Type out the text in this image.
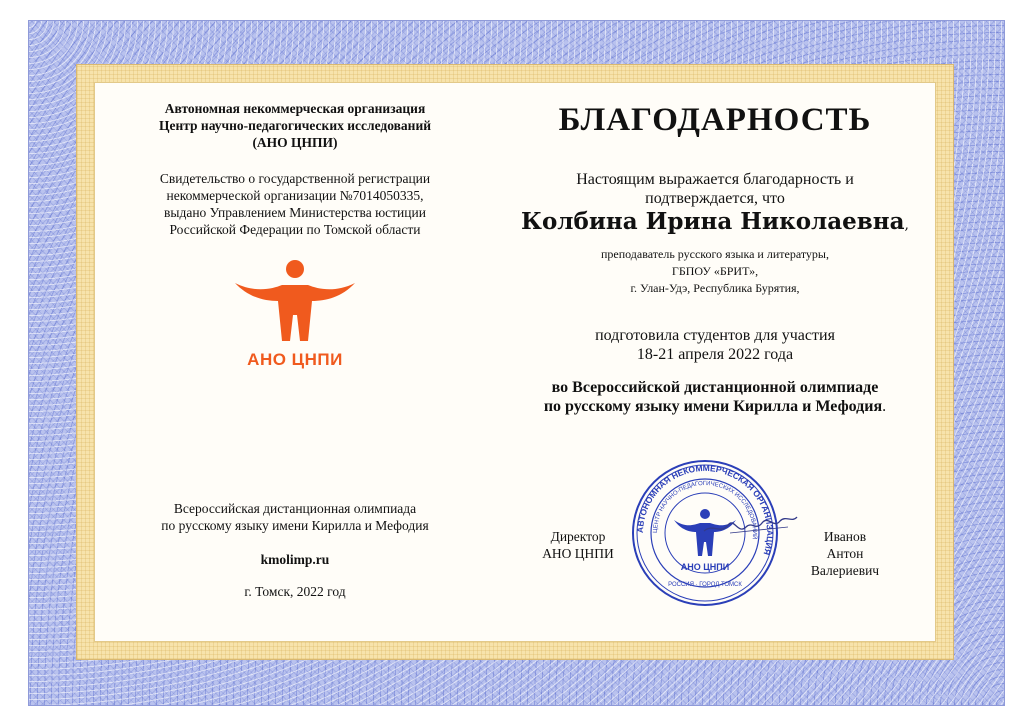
Автономная некоммерческая организация
Центр научно-педагогических исследований
(АНО ЦНПИ)
Свидетельство о государственной регистрации
некоммерческой организации №7014050335,
выдано Управлением Министерства юстиции
Российской Федерации по Томской области
АНО ЦНПИ
Всероссийская дистанционная олимпиада
по русскому языку имени Кирилла и Мефодия
kmolimp.ru
г. Томск, 2022 год
БЛАГОДАРНОСТЬ
Настоящим выражается благодарность и
подтверждается, что
Колбина Ирина Николаевна,
преподаватель русского языка и литературы,
ГБПОУ «БРИТ»,
г. Улан-Удэ, Республика Бурятия,
подготовила студентов для участия
18-21 апреля 2022 года
во Всероссийской дистанционной олимпиаде
по русскому языку имени Кирилла и Мефодия.
Директор
АНО ЦНПИ
АВТОНОМНАЯ НЕКОММЕРЧЕСКАЯ ОРГАНИЗАЦИЯ
ЦЕНТР НАУЧНО-ПЕДАГОГИЧЕСКИХ ИССЛЕДОВАНИЙ
АНО ЦНПИ
РОССИЯ · ГОРОД ТОМСК
Иванов
Антон
Валериевич
